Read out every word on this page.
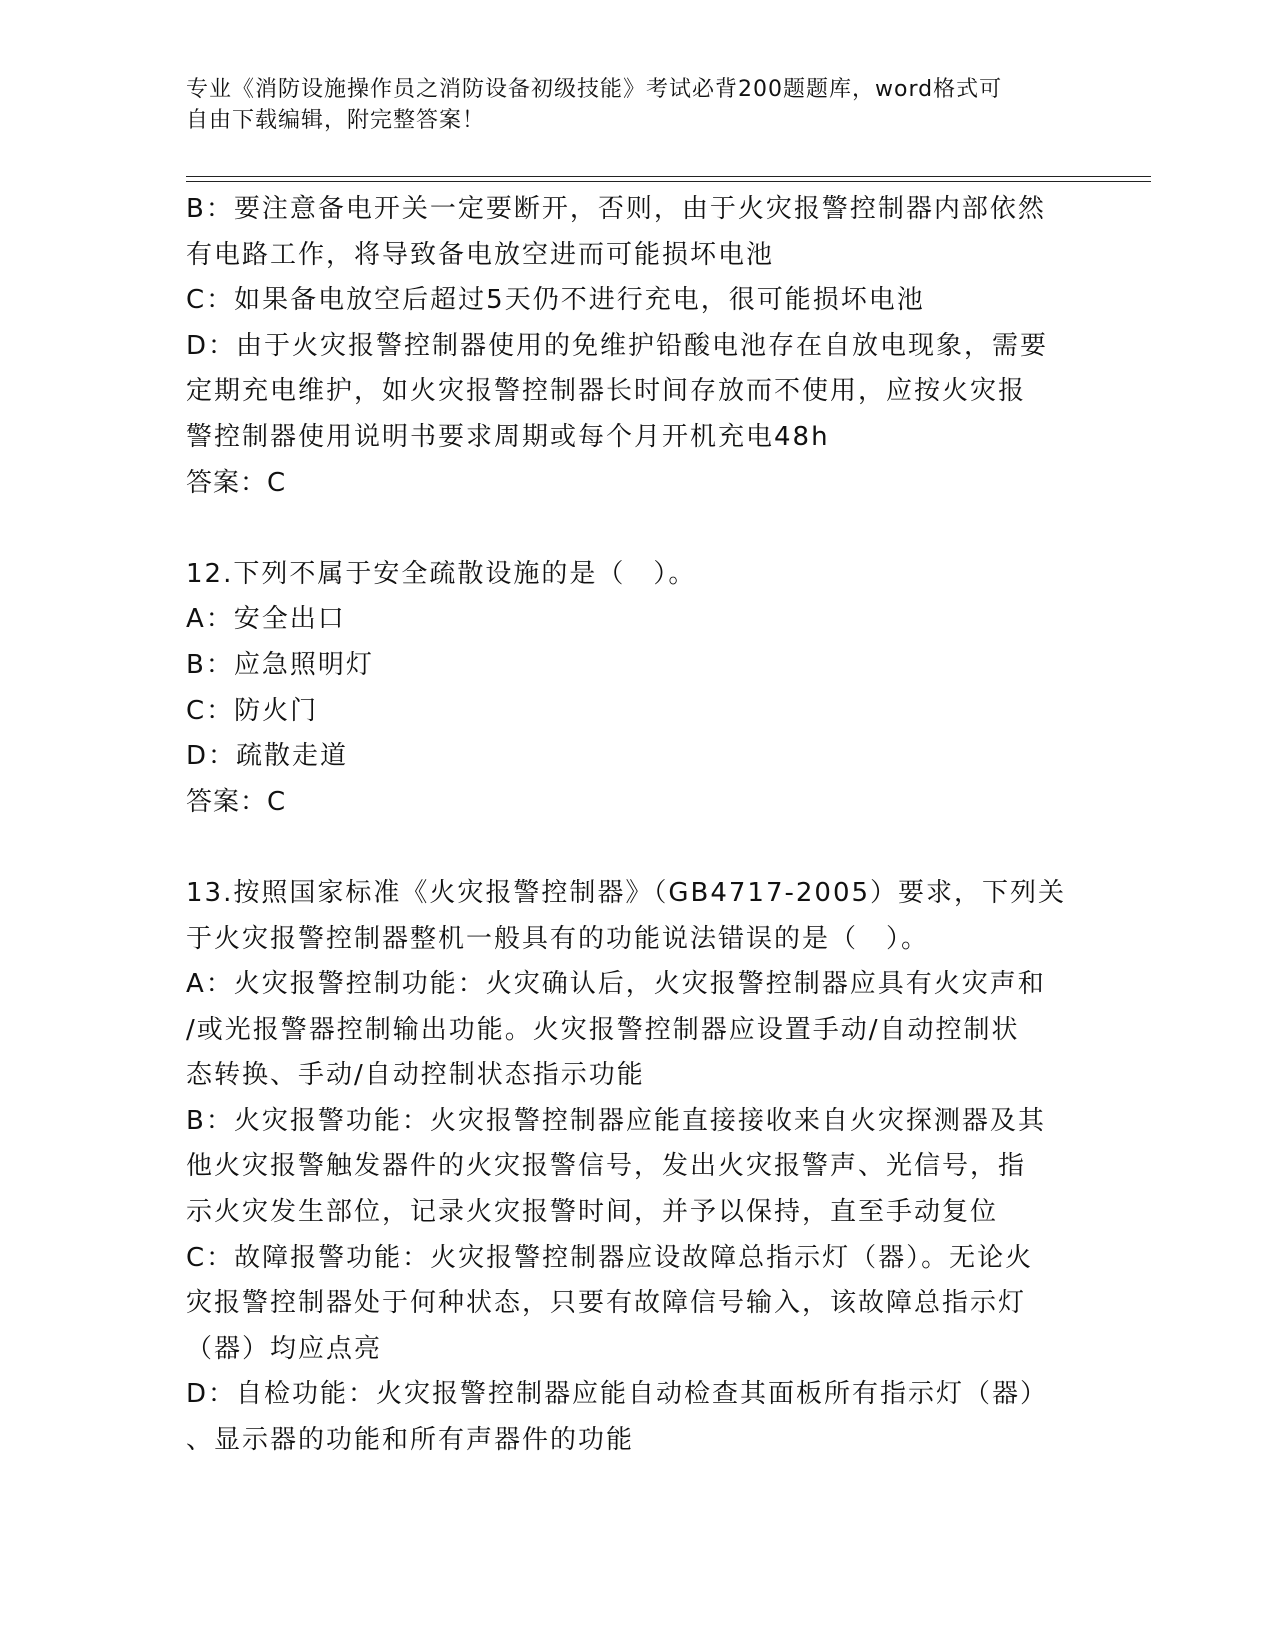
专业《消防设施操作员之消防设备初级技能》考试必背200题题库，word格式可
自由下载编辑，附完整答案！
B：要注意备电开关一定要断开，否则，由于火灾报警控制器内部依然
有电路工作，将导致备电放空进而可能损坏电池
C：如果备电放空后超过5天仍不进行充电，很可能损坏电池
D：由于火灾报警控制器使用的免维护铅酸电池存在自放电现象，需要
定期充电维护，如火灾报警控制器长时间存放而不使用，应按火灾报
警控制器使用说明书要求周期或每个月开机充电48h
答案：C
12.下列不属于安全疏散设施的是（　）。
A：安全出口
B：应急照明灯
C：防火门
D：疏散走道
答案：C
13.按照国家标准《火灾报警控制器》（GB4717-2005）要求，下列关
于火灾报警控制器整机一般具有的功能说法错误的是（　）。
A：火灾报警控制功能：火灾确认后，火灾报警控制器应具有火灾声和
/或光报警器控制输出功能。火灾报警控制器应设置手动/自动控制状
态转换、手动/自动控制状态指示功能
B：火灾报警功能：火灾报警控制器应能直接接收来自火灾探测器及其
他火灾报警触发器件的火灾报警信号，发出火灾报警声、光信号，指
示火灾发生部位，记录火灾报警时间，并予以保持，直至手动复位
C：故障报警功能：火灾报警控制器应设故障总指示灯（器）。无论火
灾报警控制器处于何种状态，只要有故障信号输入，该故障总指示灯
（器）均应点亮
D：自检功能：火灾报警控制器应能自动检查其面板所有指示灯（器）
、显示器的功能和所有声器件的功能
